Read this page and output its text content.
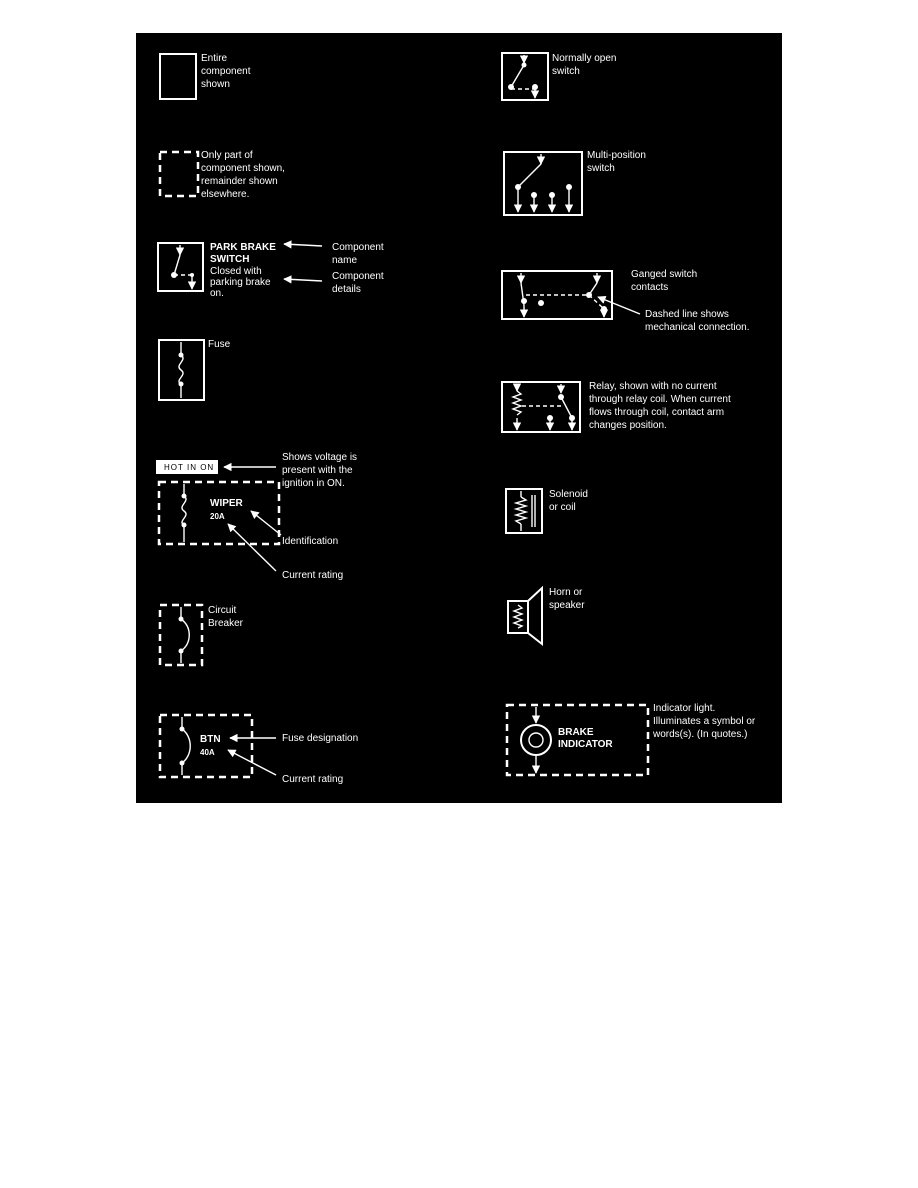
Entire component shown
Only part of component shown, remainder shown elsewhere.
PARK BRAKE SWITCH
Closed with parking brake on.
Component name
Component details
Fuse
HOT IN ON
Shows voltage is present with the ignition in ON.
WIPER
20A
Identification
Current rating
Circuit Breaker
BTN
40A
Fuse designation
Current rating
Normally open switch
Multi-position switch
Ganged switch contacts
Dashed line shows mechanical connection.
Relay, shown with no current through relay coil. When current flows through coil, contact arm changes position.
Solenoid or coil
Horn or speaker
BRAKE INDICATOR
Indicator light. Illuminates a symbol or words(s). (In quotes.)
